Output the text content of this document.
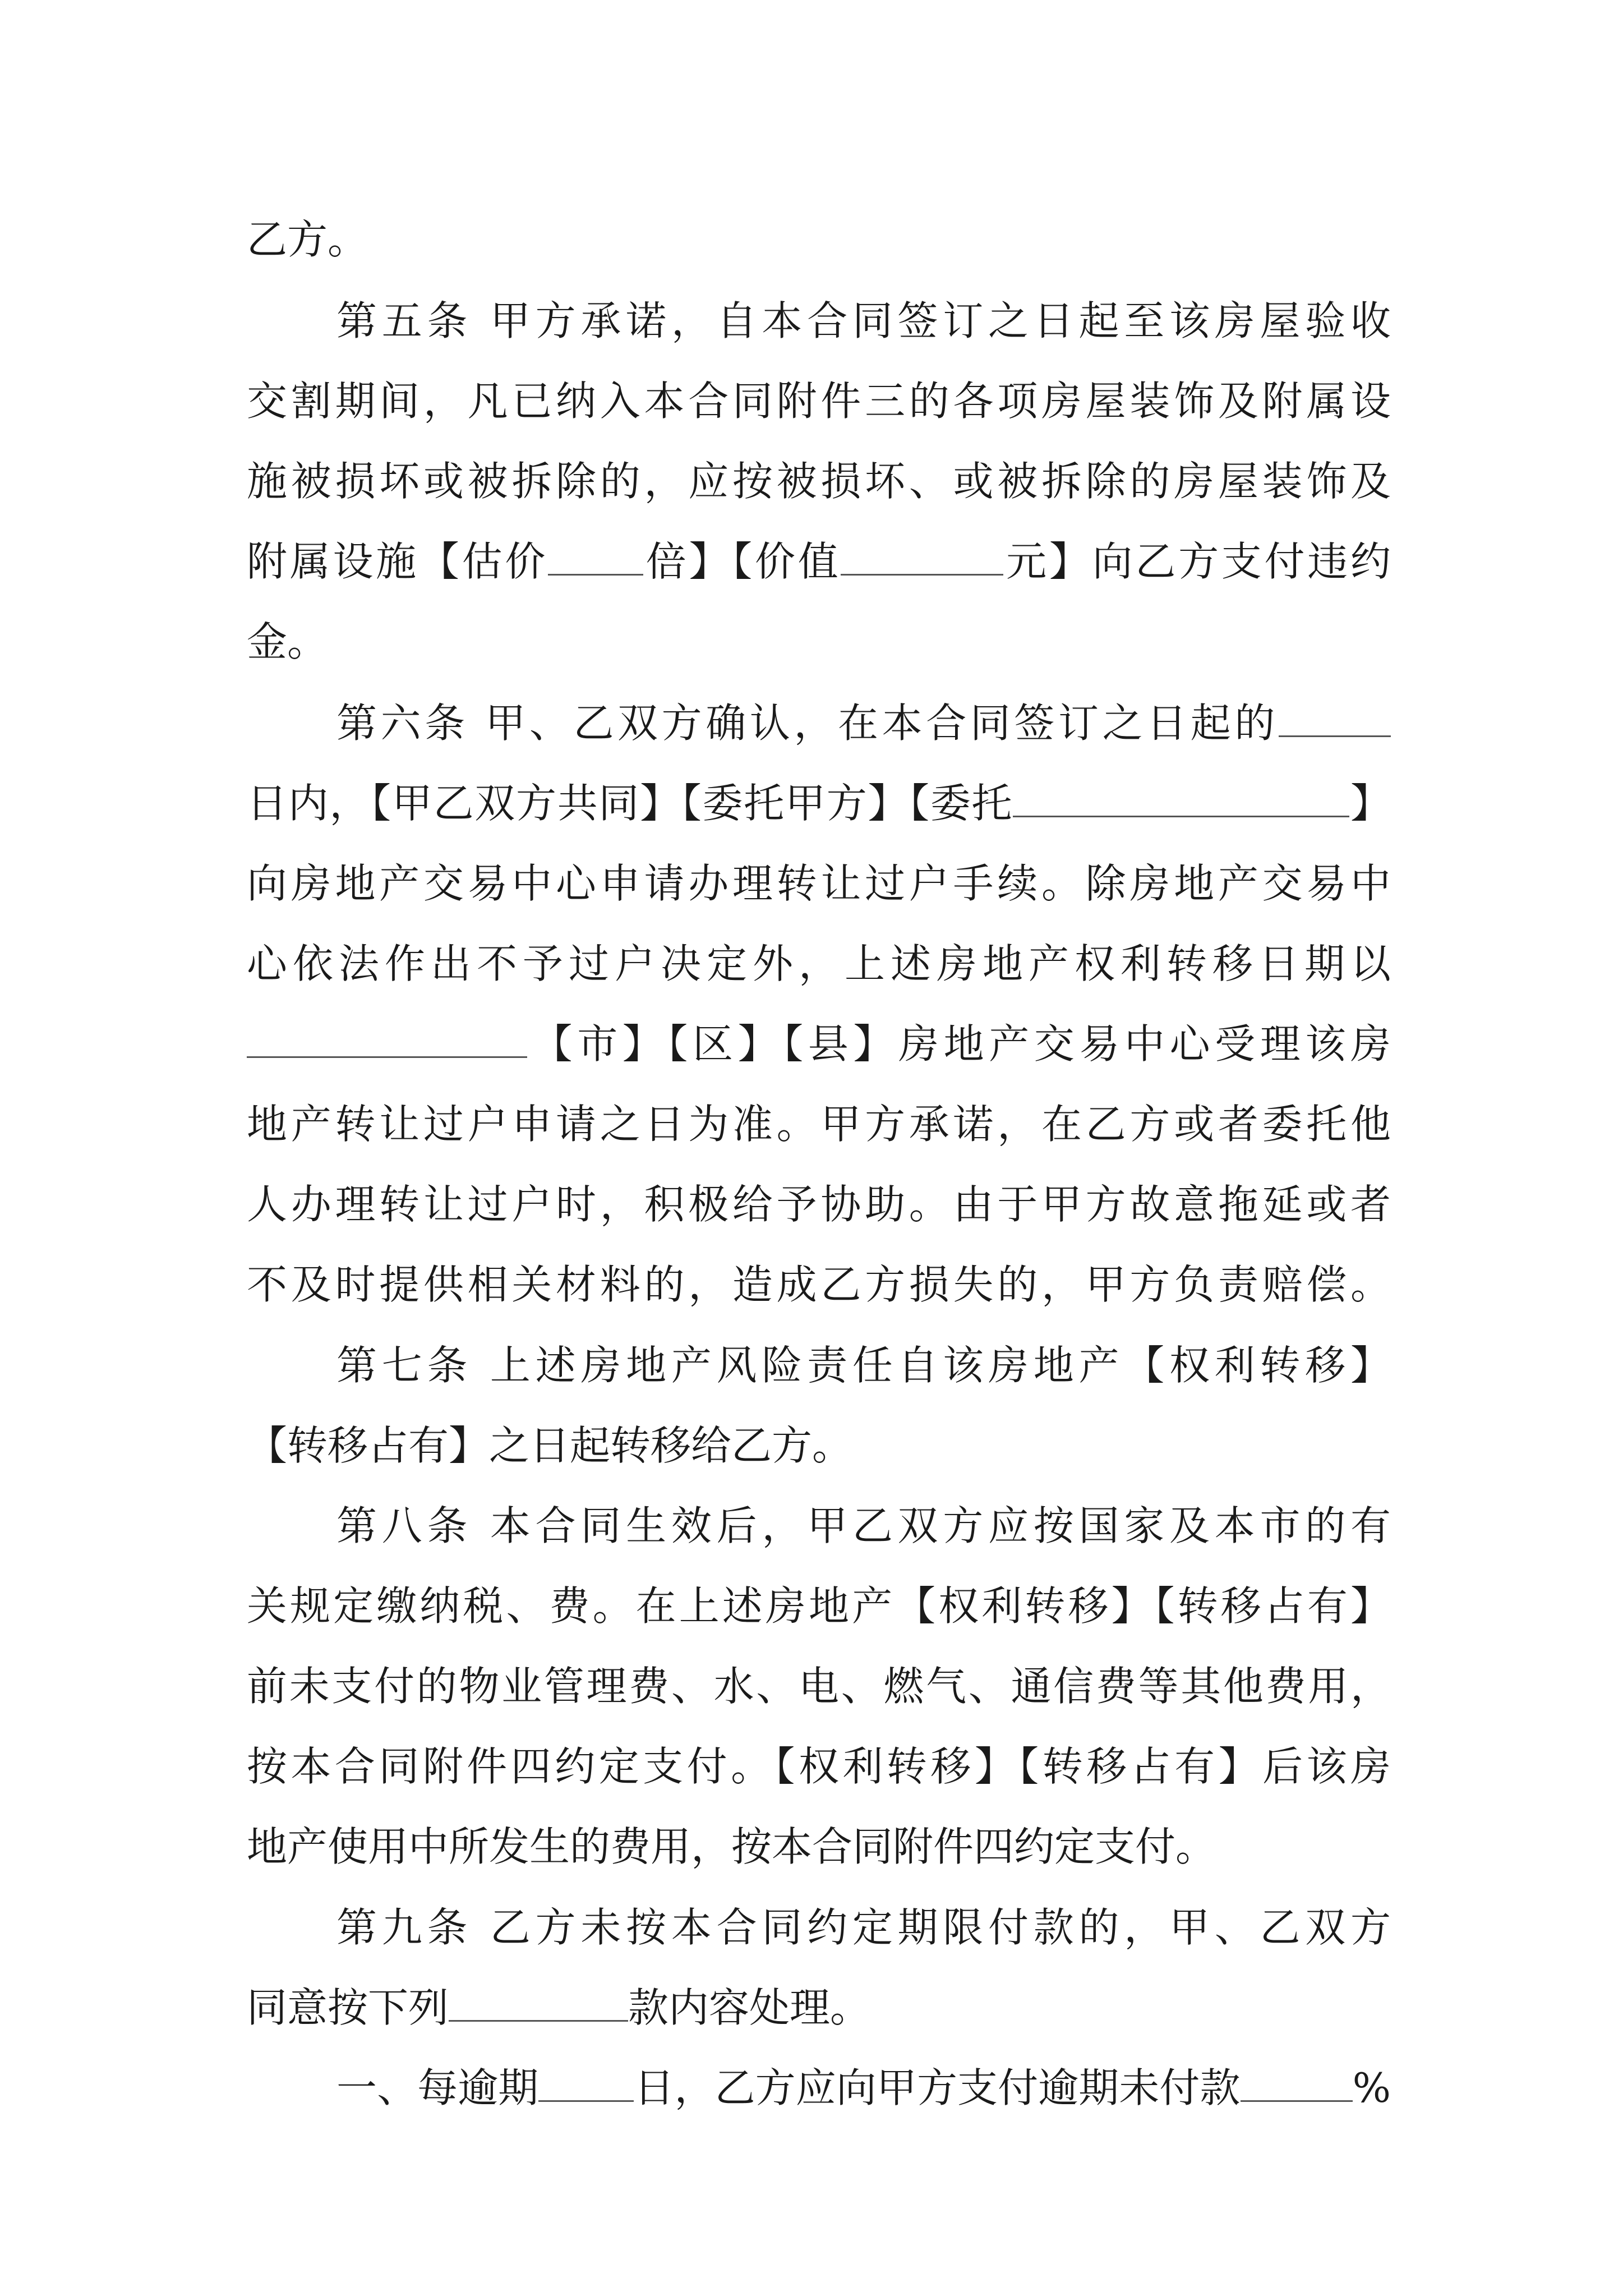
乙方。
第五条 甲方承诺，自本合同签订之日起至该房屋验收
交割期间，凡已纳入本合同附件三的各项房屋装饰及附属设
施被损坏或被拆除的，应按被损坏、或被拆除的房屋装饰及
附属设施【估价 倍】【价值	元】向乙方支付违约
金。
第六条 甲、乙双方确认，在本合同签订之日起的
日内，【甲乙双方共同】【委托甲方】【委托	】
向房地产交易中心申请办理转让过户手续。除房地产交易中
心依法作出不予过户决定外，上述房地产权利转移日期以
【市】【区】【县】房地产交易中心受理该房
地产转让过户申请之日为准。甲方承诺，在乙方或者委托他
人办理转让过户时，积极给予协助。由于甲方故意拖延或者
不及时提供相关材料的，造成乙方损失的，甲方负责赔偿。
第七条 上述房地产风险责任自该房地产【权利转移】
【转移占有】之日起转移给乙方。
第八条 本合同生效后，甲乙双方应按国家及本市的有
关规定缴纳税、费。在上述房地产【权利转移】【转移占有】
前未支付的物业管理费、水、电、燃气、通信费等其他费用，
按本合同附件四约定支付。【权利转移】【转移占有】后该房
地产使用中所发生的费用，按本合同附件四约定支付。
第九条 乙方未按本合同约定期限付款的，甲、乙双方
同意按下列	款内容处理。
一、每逾期 日，乙方应向甲方支付逾期未付款	%
